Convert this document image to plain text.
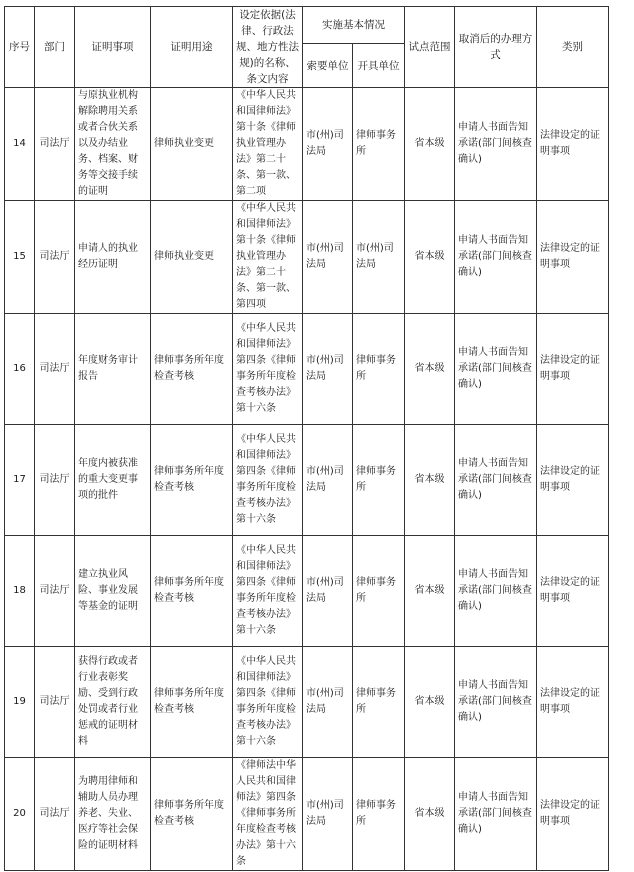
序号	部门	证明事项	证明用途	设定依据(法律、行政法规、地方性法规)的名称、条文内容	实施基本情况		试点范围	取消后的办理方式	类别
					索要单位	开具单位			
14	司法厅	与原执业机构解除聘用关系或者合伙关系以及办结业务、档案、财务等交接手续的证明	律师执业变更	《中华人民共和国律师法》第十条《律师执业管理办法》第二十条、第一款、第二项	市(州)司法局	律师事务所	省本级	申请人书面告知承诺(部门间核查确认)	法律设定的证明事项
15	司法厅	申请人的执业经历证明	律师执业变更	《中华人民共和国律师法》第十条《律师执业管理办法》第二十条、第一款、第四项	市(州)司法局	市(州)司法局	省本级	申请人书面告知承诺(部门间核查确认)	法律设定的证明事项
16	司法厅	年度财务审计报告	律师事务所年度检查考核	《中华人民共和国律师法》第四条《律师事务所年度检查考核办法》第十六条	市(州)司法局	律师事务所	省本级	申请人书面告知承诺(部门间核查确认)	法律设定的证明事项
17	司法厅	年度内被获准的重大变更事项的批件	律师事务所年度检查考核	《中华人民共和国律师法》第四条《律师事务所年度检查考核办法》第十六条	市(州)司法局	律师事务所	省本级	申请人书面告知承诺(部门间核查确认)	法律设定的证明事项
18	司法厅	建立执业风险、事业发展等基金的证明	律师事务所年度检查考核	《中华人民共和国律师法》第四条《律师事务所年度检查考核办法》第十六条	市(州)司法局	律师事务所	省本级	申请人书面告知承诺(部门间核查确认)	法律设定的证明事项
19	司法厅	获得行政或者行业表彰奖励、受到行政处罚或者行业惩戒的证明材料	律师事务所年度检查考核	《中华人民共和国律师法》第四条《律师事务所年度检查考核办法》第十六条	市(州)司法局	律师事务所	省本级	申请人书面告知承诺(部门间核查确认)	法律设定的证明事项
20	司法厅	为聘用律师和辅助人员办理养老、失业、医疗等社会保险的证明材料	律师事务所年度检查考核	《律师法中华人民共和国律师法》第四条《律师事务所年度检查考核办法》第十六条	市(州)司法局	律师事务所	省本级	申请人书面告知承诺(部门间核查确认)	法律设定的证明事项
